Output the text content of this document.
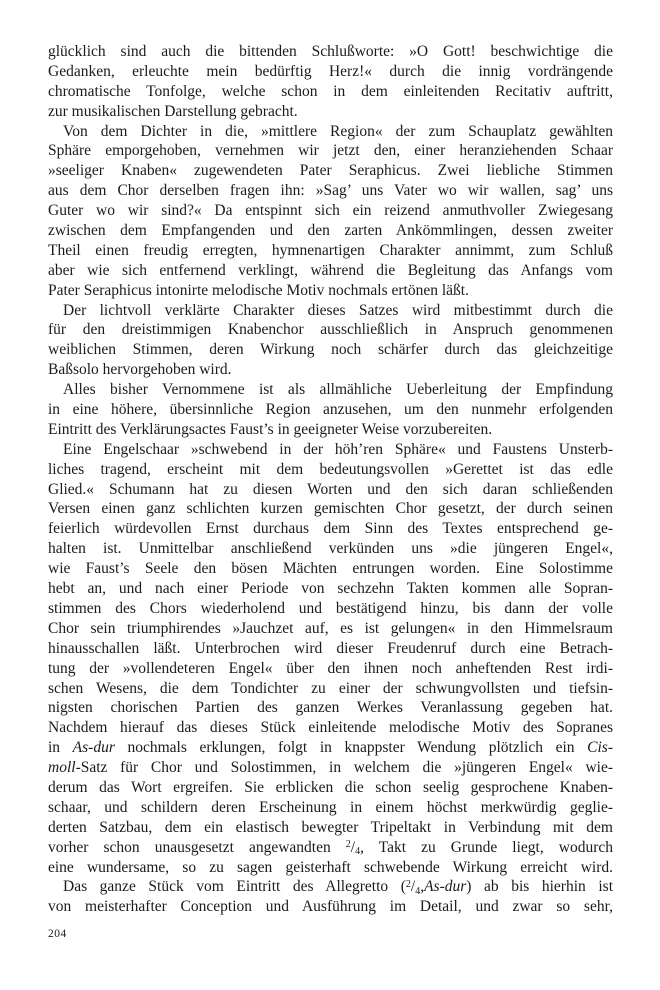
glücklich sind auch die bittenden Schlußworte: »O Gott! beschwichtige die
Gedanken, erleuchte mein bedürftig Herz!« durch die innig vordrängende
chromatische Tonfolge, welche schon in dem einleitenden Recitativ auftritt,
zur musikalischen Darstellung gebracht.
Von dem Dichter in die, »mittlere Region« der zum Schauplatz gewählten
Sphäre emporgehoben, vernehmen wir jetzt den, einer heranziehenden Schaar
»seeliger Knaben« zugewendeten Pater Seraphicus. Zwei liebliche Stimmen
aus dem Chor derselben fragen ihn: »Sag’ uns Vater wo wir wallen, sag’ uns
Guter wo wir sind?« Da entspinnt sich ein reizend anmuthvoller Zwiegesang
zwischen dem Empfangenden und den zarten Ankömmlingen, dessen zweiter
Theil einen freudig erregten, hymnenartigen Charakter annimmt, zum Schluß
aber wie sich entfernend verklingt, während die Begleitung das Anfangs vom
Pater Seraphicus intonirte melodische Motiv nochmals ertönen läßt.
Der lichtvoll verklärte Charakter dieses Satzes wird mitbestimmt durch die
für den dreistimmigen Knabenchor ausschließlich in Anspruch genommenen
weiblichen Stimmen, deren Wirkung noch schärfer durch das gleichzeitige
Baßsolo hervorgehoben wird.
Alles bisher Vernommene ist als allmähliche Ueberleitung der Empfindung
in eine höhere, übersinnliche Region anzusehen, um den nunmehr erfolgenden
Eintritt des Verklärungsactes Faust’s in geeigneter Weise vorzubereiten.
Eine Engelschaar »schwebend in der höh’ren Sphäre« und Faustens Unsterb-
liches tragend, erscheint mit dem bedeutungsvollen »Gerettet ist das edle
Glied.« Schumann hat zu diesen Worten und den sich daran schließenden
Versen einen ganz schlichten kurzen gemischten Chor gesetzt, der durch seinen
feierlich würdevollen Ernst durchaus dem Sinn des Textes entsprechend ge-
halten ist. Unmittelbar anschließend verkünden uns »die jüngeren Engel«,
wie Faust’s Seele den bösen Mächten entrungen worden. Eine Solostimme
hebt an, und nach einer Periode von sechzehn Takten kommen alle Sopran-
stimmen des Chors wiederholend und bestätigend hinzu, bis dann der volle
Chor sein triumphirendes »Jauchzet auf, es ist gelungen« in den Himmelsraum
hinausschallen läßt. Unterbrochen wird dieser Freudenruf durch eine Betrach-
tung der »vollendeteren Engel« über den ihnen noch anheftenden Rest irdi-
schen Wesens, die dem Tondichter zu einer der schwungvollsten und tiefsin-
nigsten chorischen Partien des ganzen Werkes Veranlassung gegeben hat.
Nachdem hierauf das dieses Stück einleitende melodische Motiv des Sopranes
in As-dur nochmals erklungen, folgt in knappster Wendung plötzlich ein Cis-
moll-Satz für Chor und Solostimmen, in welchem die »jüngeren Engel« wie-
derum das Wort ergreifen. Sie erblicken die schon seelig gesprochene Knaben-
schaar, und schildern deren Erscheinung in einem höchst merkwürdig geglie-
derten Satzbau, dem ein elastisch bewegter Tripeltakt in Verbindung mit dem
vorher schon unausgesetzt angewandten $^2$/4, Takt zu Grunde liegt, wodurch
eine wundersame, so zu sagen geisterhaft schwebende Wirkung erreicht wird.
Das ganze Stück vom Eintritt des Allegretto ($^2$/4,As-dur) ab bis hierhin ist
von meisterhafter Conception und Ausführung im Detail, und zwar so sehr,
204
